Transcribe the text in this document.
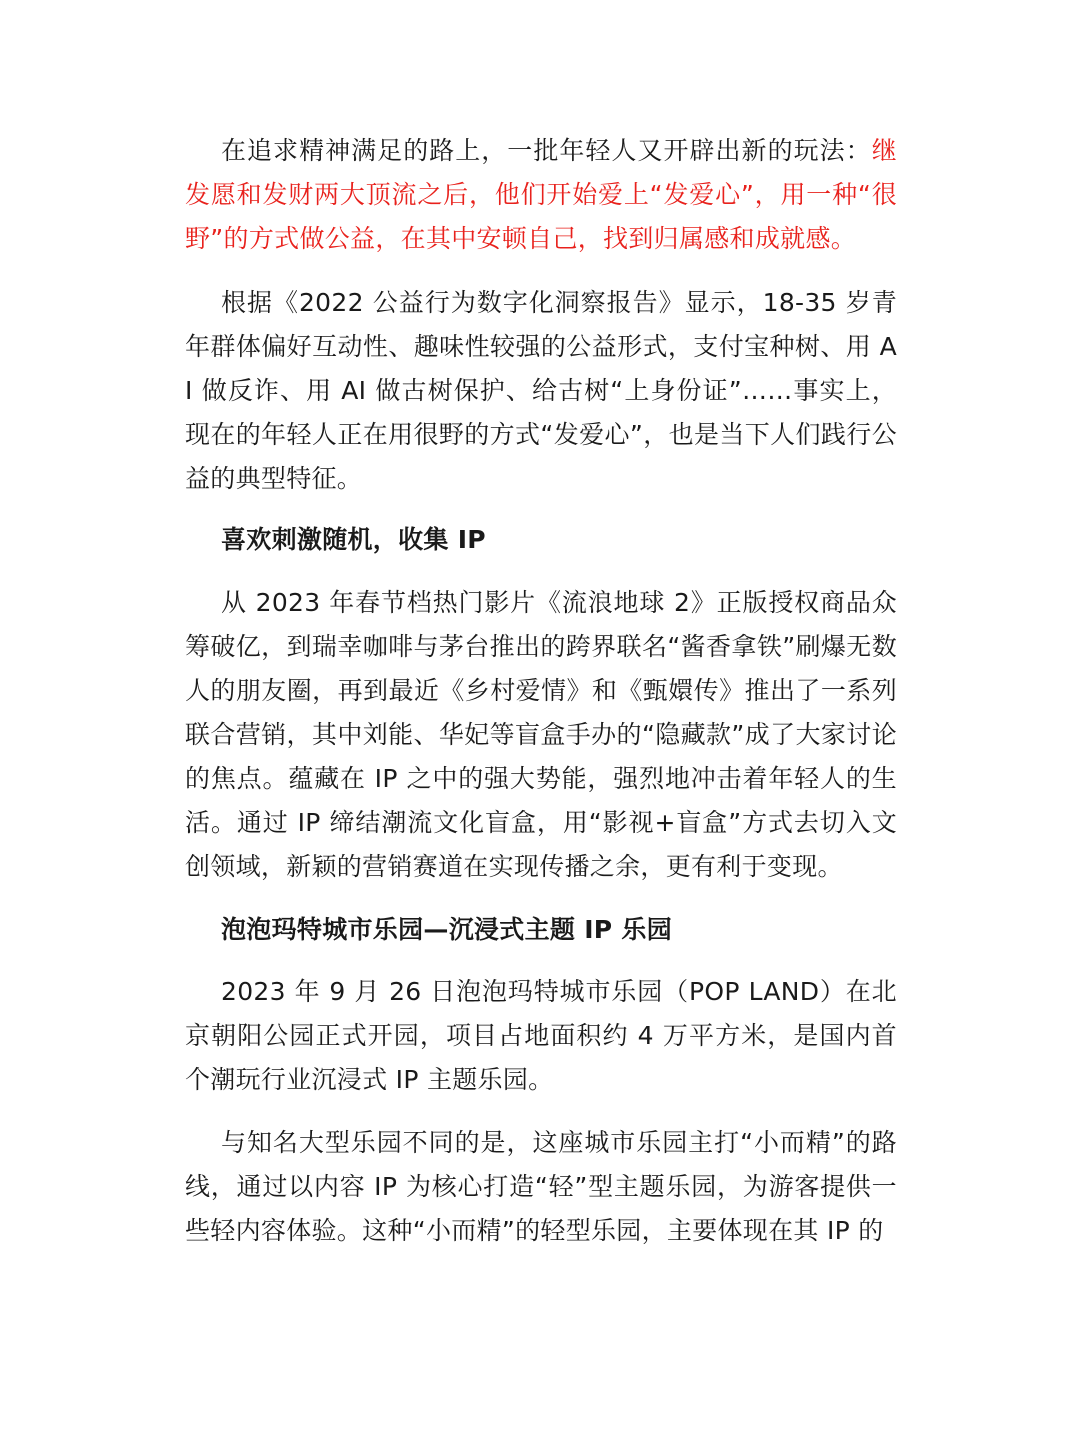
在追求精神满足的路上，一批年轻人又开辟出新的玩法：继发愿和发财两大顶流之后，他们开始爱上“发爱心”，用一种“很野”的方式做公益，在其中安顿自己，找到归属感和成就感。

根据《2022 公益行为数字化洞察报告》显示，18-35 岁青年群体偏好互动性、趣味性较强的公益形式，支付宝种树、用 AI 做反诈、用 AI 做古树保护、给古树“上身份证”……事实上，现在的年轻人正在用很野的方式“发爱心”，也是当下人们践行公益的典型特征。

喜欢刺激随机，收集 IP

从 2023 年春节档热门影片《流浪地球 2》正版授权商品众筹破亿，到瑞幸咖啡与茅台推出的跨界联名“酱香拿铁”刷爆无数人的朋友圈，再到最近《乡村爱情》和《甄嬛传》推出了一系列联合营销，其中刘能、华妃等盲盒手办的“隐藏款”成了大家讨论的焦点。蕴藏在 IP 之中的强大势能，强烈地冲击着年轻人的生活。通过 IP 缔结潮流文化盲盒，用“影视+盲盒”方式去切入文创领域，新颖的营销赛道在实现传播之余，更有利于变现。

泡泡玛特城市乐园—沉浸式主题 IP 乐园

2023 年 9 月 26 日泡泡玛特城市乐园（POP LAND）在北京朝阳公园正式开园，项目占地面积约 4 万平方米，是国内首个潮玩行业沉浸式 IP 主题乐园。

与知名大型乐园不同的是，这座城市乐园主打“小而精”的路线，通过以内容 IP 为核心打造“轻”型主题乐园，为游客提供一些轻内容体验。这种“小而精”的轻型乐园，主要体现在其 IP 的
